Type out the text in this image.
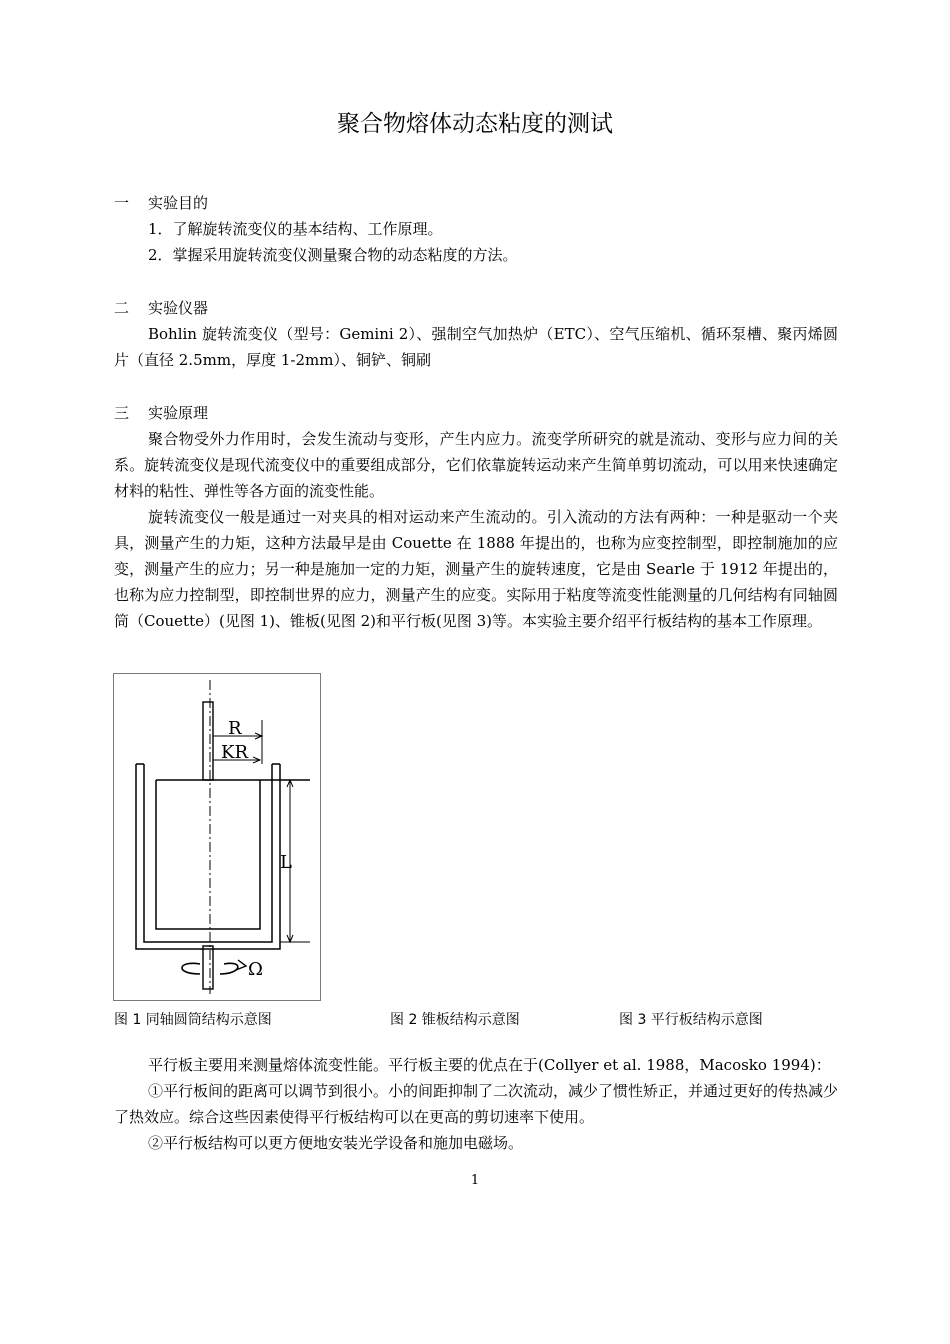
聚合物熔体动态粘度的测试

一 实验目的

1．了解旋转流变仪的基本结构、工作原理。

2．掌握采用旋转流变仪测量聚合物的动态粘度的方法。

二 实验仪器

Bohlin 旋转流变仪（型号：Gemini 2）、强制空气加热炉（ETC）、空气压缩机、循环泵槽、聚丙烯圆片（直径 2.5mm，厚度 1-2mm）、铜铲、铜刷

三 实验原理

聚合物受外力作用时，会发生流动与变形，产生内应力。流变学所研究的就是流动、变形与应力间的关系。旋转流变仪是现代流变仪中的重要组成部分，它们依靠旋转运动来产生简单剪切流动，可以用来快速确定材料的粘性、弹性等各方面的流变性能。

旋转流变仪一般是通过一对夹具的相对运动来产生流动的。引入流动的方法有两种：一种是驱动一个夹具，测量产生的力矩，这种方法最早是由 Couette 在 1888 年提出的，也称为应变控制型，即控制施加的应变，测量产生的应力；另一种是施加一定的力矩，测量产生的旋转速度，它是由 Searle 于 1912 年提出的，也称为应力控制型，即控制世界的应力，测量产生的应变。实际用于粘度等流变性能测量的几何结构有同轴圆筒（Couette）(见图 1)、锥板(见图 2)和平行板(见图 3)等。本实验主要介绍平行板结构的基本工作原理。

R
KR
L
Ω
图 1 同轴圆筒结构示意图	图 2 锥板结构示意图	图 3 平行板结构示意图

平行板主要用来测量熔体流变性能。平行板主要的优点在于(Collyer et al. 1988，Macosko 1994)：

①平行板间的距离可以调节到很小。小的间距抑制了二次流动，减少了惯性矫正，并通过更好的传热减少了热效应。综合这些因素使得平行板结构可以在更高的剪切速率下使用。

②平行板结构可以更方便地安装光学设备和施加电磁场。

1
